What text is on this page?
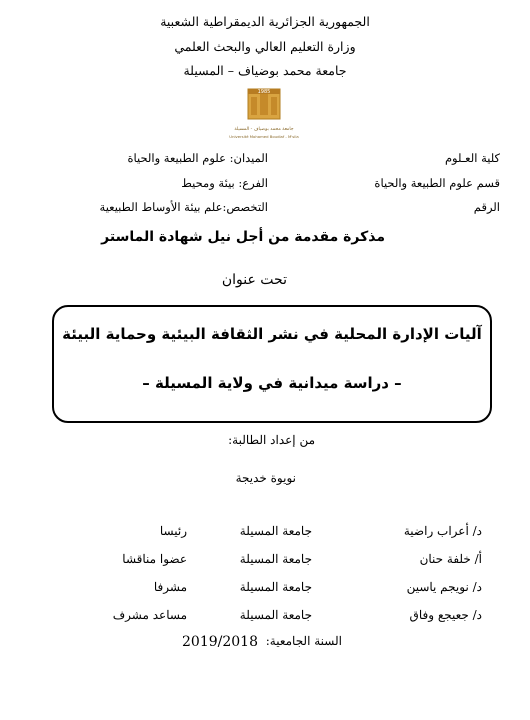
الجمهورية الجزائرية الديمقراطية الشعبية
وزارة التعليم العالي والبحث العلمي
جامعة محمد بوضياف – المسيلة
1985
جامعة محمد بوضياف - المسيلة
Université Mohamed Boudiaf - M'sila
كلية العـلوم
قسم علوم الطبيعة والحياة
الرقم
الميدان: علوم الطبيعة والحياة
الفرع: بيئة ومحيط
التخصص:علم بيئة الأوساط الطبيعية
مذكرة مقدمة من أجل نيل شهادة الماستر
تحت عنوان
آليات الإدارة المحلية في نشر الثقافة البيئية وحماية البيئة
– دراسة ميدانية في ولاية المسيلة –
من إعداد الطالبة:
نويوة خديجة
د/ أعراب راضية
جامعة المسيلة
رئيسا
أ/ خلفة حنان
جامعة المسيلة
عضوا مناقشا
د/ نويجم ياسين
جامعة المسيلة
مشرفا
د/ جعيجع وفاق
جامعة المسيلة
مساعد مشرف
السنة الجامعية:
2019/2018
